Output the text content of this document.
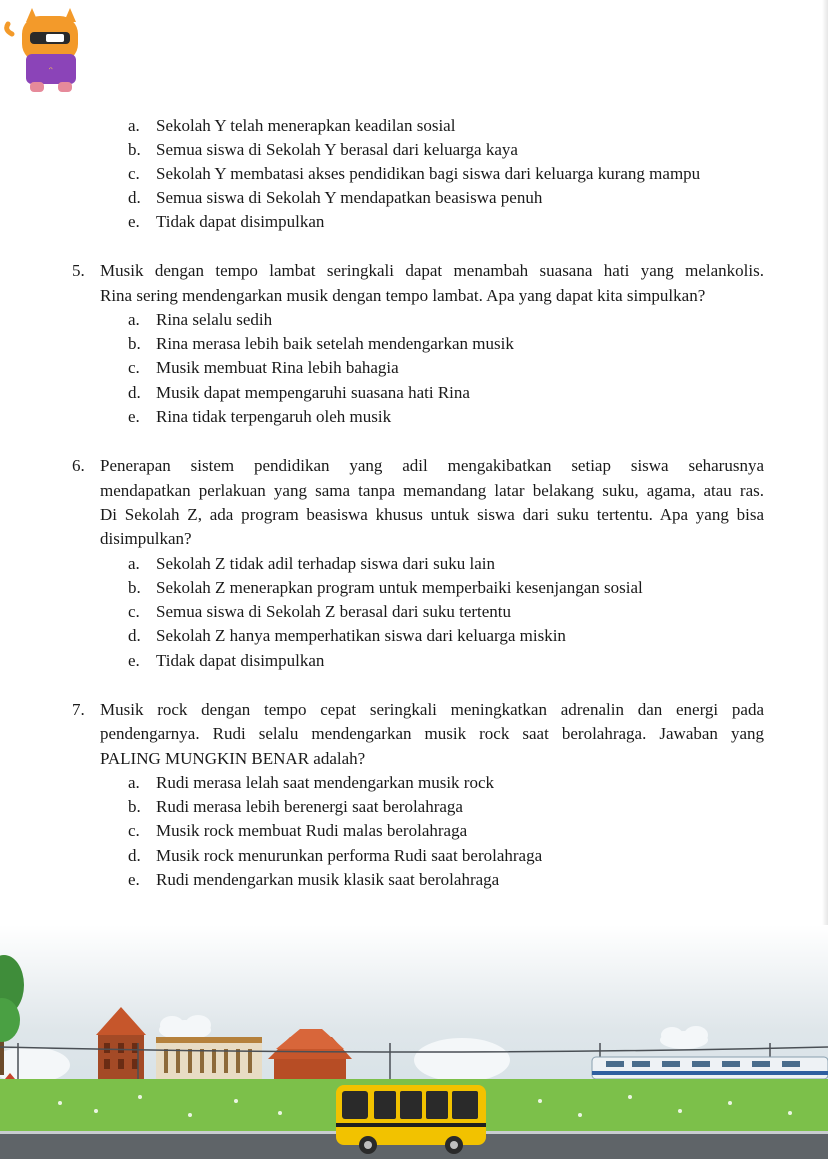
ᵔ
a. Sekolah Y telah menerapkan keadilan sosial
b. Semua siswa di Sekolah Y berasal dari keluarga kaya
c. Sekolah Y membatasi akses pendidikan bagi siswa dari keluarga kurang mampu
d. Semua siswa di Sekolah Y mendapatkan beasiswa penuh
e. Tidak dapat disimpulkan
5. Musik dengan tempo lambat seringkali dapat menambah suasana hati yang melankolis.
Rina sering mendengarkan musik dengan tempo lambat. Apa yang dapat kita simpulkan?
a. Rina selalu sedih
b. Rina merasa lebih baik setelah mendengarkan musik
c. Musik membuat Rina lebih bahagia
d. Musik dapat mempengaruhi suasana hati Rina
e. Rina tidak terpengaruh oleh musik
6. Penerapan sistem pendidikan yang adil mengakibatkan setiap siswa seharusnya
mendapatkan perlakuan yang sama tanpa memandang latar belakang suku, agama, atau ras.
Di Sekolah Z, ada program beasiswa khusus untuk siswa dari suku tertentu. Apa yang bisa
disimpulkan?
a. Sekolah Z tidak adil terhadap siswa dari suku lain
b. Sekolah Z menerapkan program untuk memperbaiki kesenjangan sosial
c. Semua siswa di Sekolah Z berasal dari suku tertentu
d. Sekolah Z hanya memperhatikan siswa dari keluarga miskin
e. Tidak dapat disimpulkan
7. Musik rock dengan tempo cepat seringkali meningkatkan adrenalin dan energi pada
pendengarnya. Rudi selalu mendengarkan musik rock saat berolahraga. Jawaban yang
PALING MUNGKIN BENAR adalah?
a. Rudi merasa lelah saat mendengarkan musik rock
b. Rudi merasa lebih berenergi saat berolahraga
c. Musik rock membuat Rudi malas berolahraga
d. Musik rock menurunkan performa Rudi saat berolahraga
e. Rudi mendengarkan musik klasik saat berolahraga
